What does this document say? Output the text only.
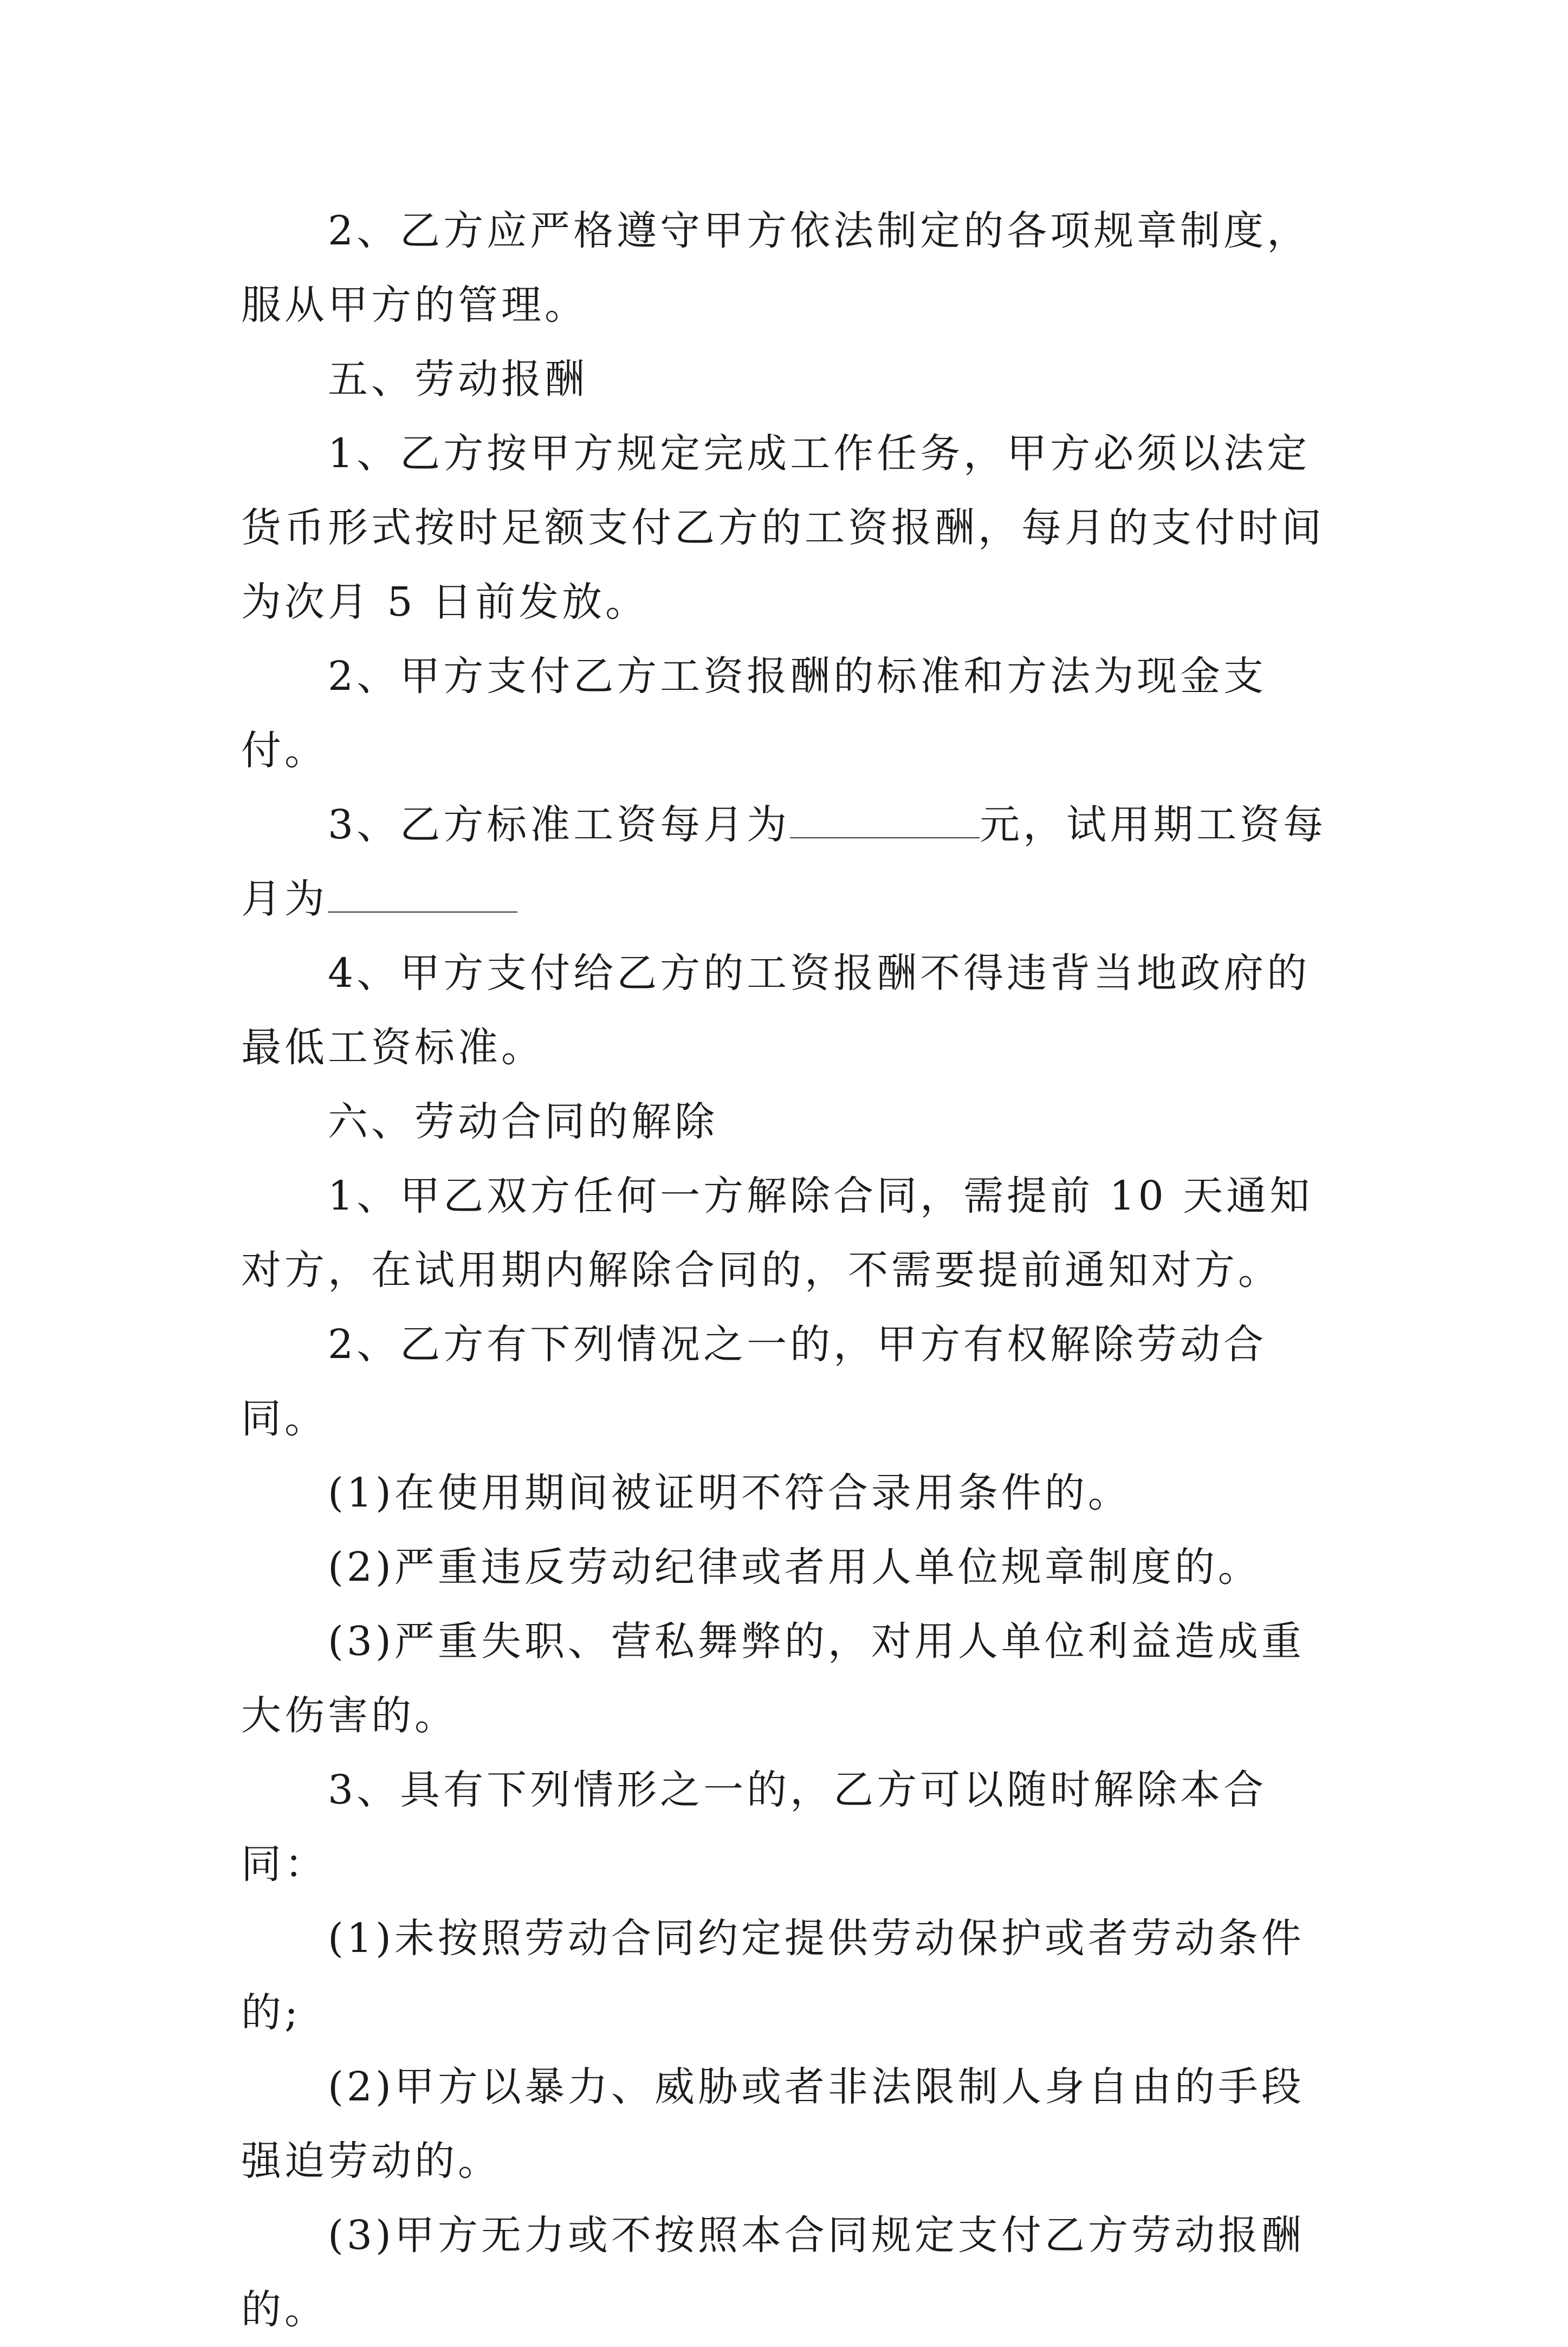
2、乙方应严格遵守甲方依法制定的各项规章制度，服从甲方的管理。

五、劳动报酬

1、乙方按甲方规定完成工作任务，甲方必须以法定货币形式按时足额支付乙方的工资报酬，每月的支付时间为次月 5 日前发放。

2、甲方支付乙方工资报酬的标准和方法为现金支付。

3、乙方标准工资每月为	元，试用期工资每月为

4、甲方支付给乙方的工资报酬不得违背当地政府的最低工资标准。

六、劳动合同的解除

1、甲乙双方任何一方解除合同，需提前 10 天通知对方，在试用期内解除合同的，不需要提前通知对方。

2、乙方有下列情况之一的，甲方有权解除劳动合同。

(1)在使用期间被证明不符合录用条件的。

(2)严重违反劳动纪律或者用人单位规章制度的。

(3)严重失职、营私舞弊的，对用人单位利益造成重大伤害的。

3、具有下列情形之一的，乙方可以随时解除本合同：

(1)未按照劳动合同约定提供劳动保护或者劳动条件的;

(2)甲方以暴力、威胁或者非法限制人身自由的手段强迫劳动的。

(3)甲方无力或不按照本合同规定支付乙方劳动报酬的。
